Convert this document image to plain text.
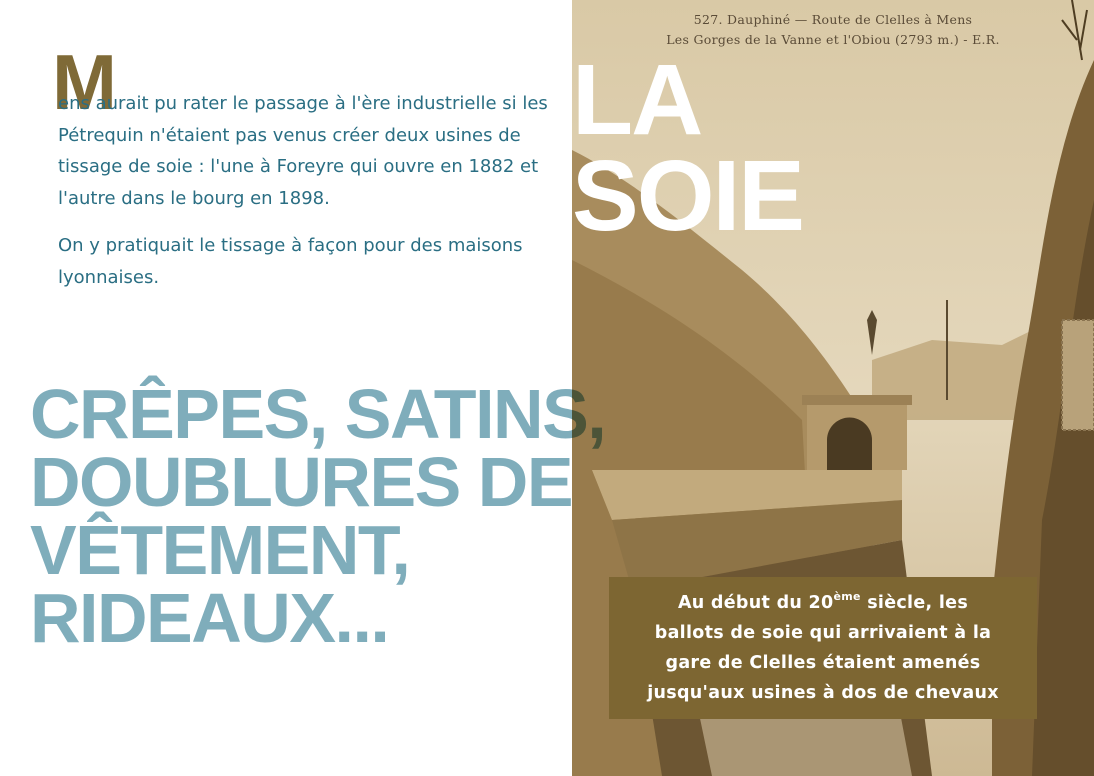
527. Dauphiné — Route de Clelles à Mens
Les Gorges de la Vanne et l'Obiou (2793 m.) - E.R.
LA
SOIE

M
ens aurait pu rater le passage à l'ère industrielle si les Pétrequin n'étaient pas venus créer deux usines de tissage de soie : l'une à Foreyre qui ouvre en 1882 et l'autre dans le bourg en 1898.

On y pratiquait le tissage à façon pour des maisons lyonnaises.

CRÊPES, SATINS,
DOUBLURES DE
VÊTEMENT,
RIDEAUX...	Au début du 20ème siècle, les
ballots de soie qui arrivaient à la
gare de Clelles étaient amenés
jusqu'aux usines à dos de chevaux
